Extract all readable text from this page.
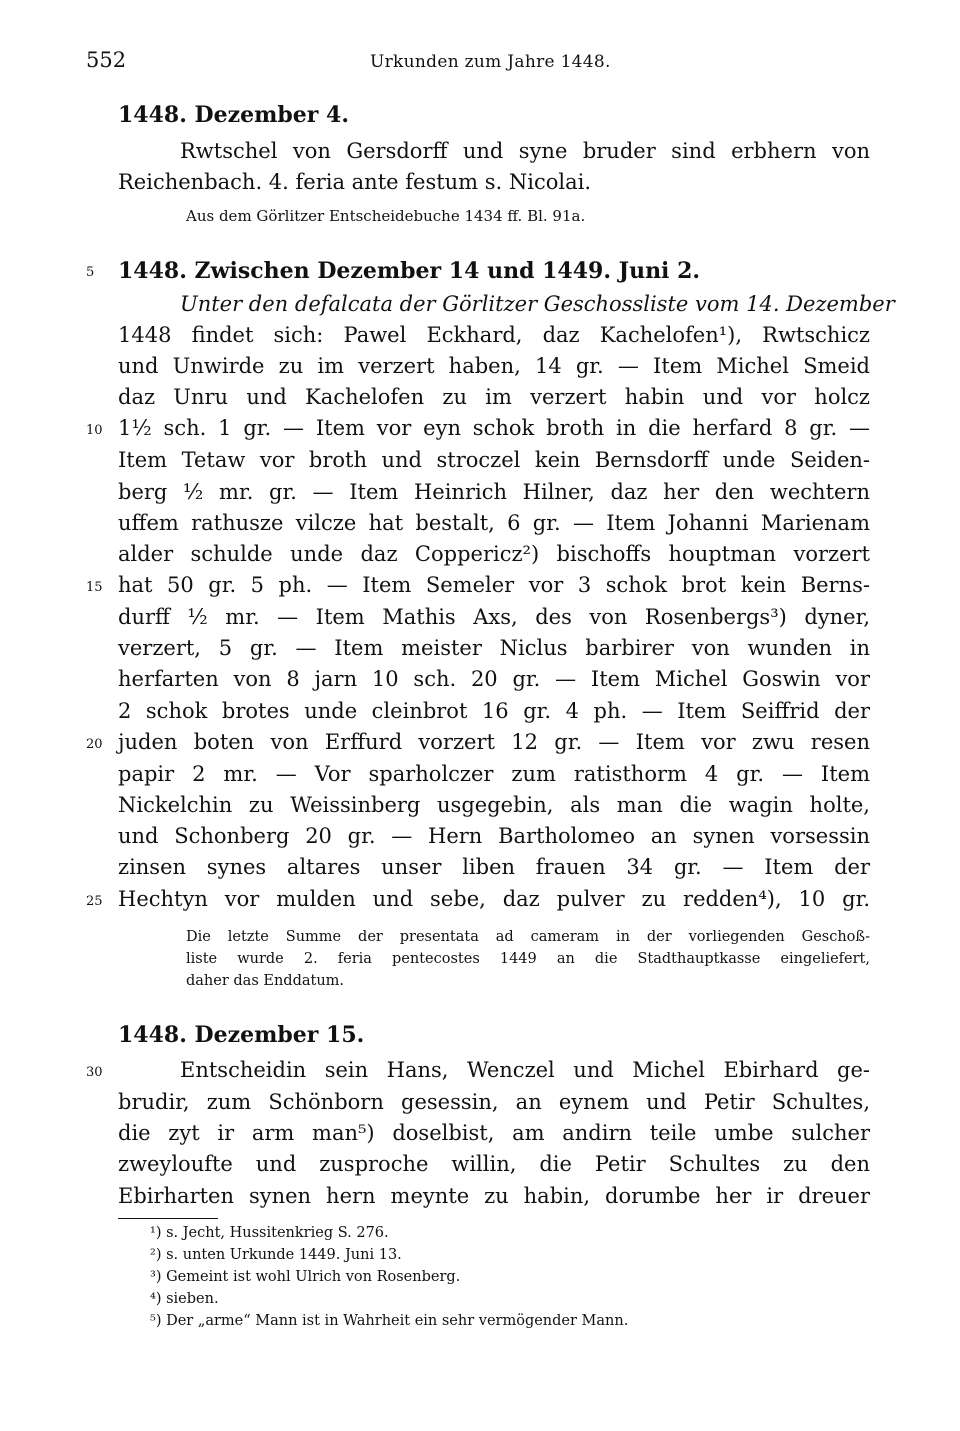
552	Urkunden zum Jahre 1448.
1448. Dezember 4.
Rwtschel von Gersdorff und syne bruder sind erbhern von
Reichenbach. 4. feria ante festum s. Nicolai.
Aus dem Görlitzer Entscheidebuche 1434 ff. Bl. 91a.
5 1448. Zwischen Dezember 14 und 1449. Juni 2.
Unter den defalcata der Görlitzer Geschossliste vom 14. Dezember
1448 findet sich: Pawel Eckhard, daz Kachelofen¹), Rwtschicz
und Unwirde zu im verzert haben, 14 gr. — Item Michel Smeid
daz Unru und Kachelofen zu im verzert habin und vor holcz
10 1½ sch. 1 gr. — Item vor eyn schok broth in die herfard 8 gr. —
Item Tetaw vor broth und stroczel kein Bernsdorff unde Seiden-
berg ½ mr. gr. — Item Heinrich Hilner, daz her den wechtern
uffem rathusze vilcze hat bestalt, 6 gr. — Item Johanni Marienam
alder schulde unde daz Coppericz²) bischoffs houptman vorzert
15 hat 50 gr. 5 ph. — Item Semeler vor 3 schok brot kein Berns-
durff ½ mr. — Item Mathis Axs, des von Rosenbergs³) dyner,
verzert, 5 gr. — Item meister Niclus barbirer von wunden in
herfarten von 8 jarn 10 sch. 20 gr. — Item Michel Goswin vor
2 schok brotes unde cleinbrot 16 gr. 4 ph. — Item Seiffrid der
20 juden boten von Erffurd vorzert 12 gr. — Item vor zwu resen
papir 2 mr. — Vor sparholczer zum ratisthorm 4 gr. — Item
Nickelchin zu Weissinberg usgegebin, als man die wagin holte,
und Schonberg 20 gr. — Hern Bartholomeo an synen vorsessin
zinsen synes altares unser liben frauen 34 gr. — Item der
25 Hechtyn vor mulden und sebe, daz pulver zu redden⁴), 10 gr.
Die letzte Summe der presentata ad cameram in der vorliegenden Geschoß-
liste wurde 2. feria pentecostes 1449 an die Stadthauptkasse eingeliefert,
daher das Enddatum.
1448. Dezember 15.
30	Entscheidin sein Hans, Wenczel und Michel Ebirhard ge-
brudir, zum Schönborn gesessin, an eynem und Petir Schultes,
die zyt ir arm man⁵) doselbist, am andirn teile umbe sulcher
zweyloufte und zusproche willin, die Petir Schultes zu den
Ebirharten synen hern meynte zu habin, dorumbe her ir dreuer
¹) s. Jecht, Hussitenkrieg S. 276.
²) s. unten Urkunde 1449. Juni 13.
³) Gemeint ist wohl Ulrich von Rosenberg.
⁴) sieben.
⁵) Der „arme“ Mann ist in Wahrheit ein sehr vermögender Mann.
